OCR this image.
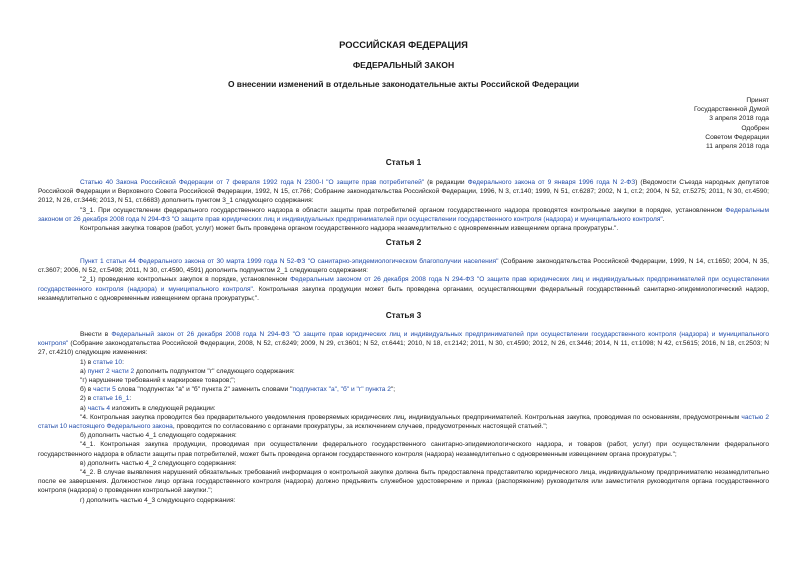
РОССИЙСКАЯ ФЕДЕРАЦИЯ
ФЕДЕРАЛЬНЫЙ ЗАКОН
О внесении изменений в отдельные законодательные акты Российской Федерации
Принят
Государственной Думой
3 апреля 2018 года
Одобрен
Советом Федерации
11 апреля 2018 года
Статья 1

Статью 40 Закона Российской Федерации от 7 февраля 1992 года N 2300-I "О защите прав потребителей" (в редакции Федерального закона от 9 января 1996 года N 2-ФЗ) (Ведомости Съезда народных депутатов Российской Федерации и Верховного Совета Российской Федерации, 1992, N 15, ст.766; Собрание законодательства Российской Федерации, 1996, N 3, ст.140; 1999, N 51, ст.6287; 2002, N 1, ст.2; 2004, N 52, ст.5275; 2011, N 30, ст.4590; 2012, N 26, ст.3446; 2013, N 51, ст.6683) дополнить пунктом 3_1 следующего содержания:

"3_1. При осуществлении федерального государственного надзора в области защиты прав потребителей органом государственного надзора проводятся контрольные закупки в порядке, установленном Федеральным законом от 26 декабря 2008 года N 294-ФЗ "О защите прав юридических лиц и индивидуальных предпринимателей при осуществлении государственного контроля (надзора) и муниципального контроля".

Контрольная закупка товаров (работ, услуг) может быть проведена органом государственного надзора незамедлительно с одновременным извещением органа прокуратуры.".

Статья 2

Пункт 1 статьи 44 Федерального закона от 30 марта 1999 года N 52-ФЗ "О санитарно-эпидемиологическом благополучии населения" (Собрание законодательства Российской Федерации, 1999, N 14, ст.1650; 2004, N 35, ст.3607; 2006, N 52, ст.5498; 2011, N 30, ст.4590, 4591) дополнить подпунктом 2_1 следующего содержания:

"2_1) проведение контрольных закупок в порядке, установленном Федеральным законом от 26 декабря 2008 года N 294-ФЗ "О защите прав юридических лиц и индивидуальных предпринимателей при осуществлении государственного контроля (надзора) и муниципального контроля". Контрольная закупка продукции может быть проведена органами, осуществляющими федеральный государственный санитарно-эпидемиологический надзор, незамедлительно с одновременным извещением органа прокуратуры;".

Статья 3

Внести в Федеральный закон от 26 декабря 2008 года N 294-ФЗ "О защите прав юридических лиц и индивидуальных предпринимателей при осуществлении государственного контроля (надзора) и муниципального контроля" (Собрание законодательства Российской Федерации, 2008, N 52, ст.6249; 2009, N 29, ст.3601; N 52, ст.6441; 2010, N 18, ст.2142; 2011, N 30, ст.4590; 2012, N 26, ст.3446; 2014, N 11, ст.1098; N 42, ст.5615; 2016, N 18, ст.2503; N 27, ст.4210) следующие изменения:

1) в статье 10:

а) пункт 2 части 2 дополнить подпунктом "г" следующего содержания:

"г) нарушение требований к маркировке товаров;";

б) в части 5 слова "подпунктах "а" и "б" пункта 2" заменить словами "подпунктах "а", "б" и "г" пункта 2";

2) в статье 16_1:

а) часть 4 изложить в следующей редакции:

"4. Контрольная закупка проводится без предварительного уведомления проверяемых юридических лиц, индивидуальных предпринимателей. Контрольная закупка, проводимая по основаниям, предусмотренным частью 2 статьи 10 настоящего Федерального закона, проводится по согласованию с органами прокуратуры, за исключением случаев, предусмотренных настоящей статьей.";

б) дополнить частью 4_1 следующего содержания:

"4_1. Контрольная закупка продукции, проводимая при осуществлении федерального государственного санитарно-эпидемиологического надзора, и товаров (работ, услуг) при осуществлении федерального государственного надзора в области защиты прав потребителей, может быть проведена органом государственного контроля (надзора) незамедлительно с одновременным извещением органа прокуратуры.";

в) дополнить частью 4_2 следующего содержания:

"4_2. В случае выявления нарушений обязательных требований информация о контрольной закупке должна быть предоставлена представителю юридического лица, индивидуальному предпринимателю незамедлительно после ее завершения. Должностное лицо органа государственного контроля (надзора) должно предъявить служебное удостоверение и приказ (распоряжение) руководителя или заместителя руководителя органа государственного контроля (надзора) о проведении контрольной закупки.";

г) дополнить частью 4_3 следующего содержания:
